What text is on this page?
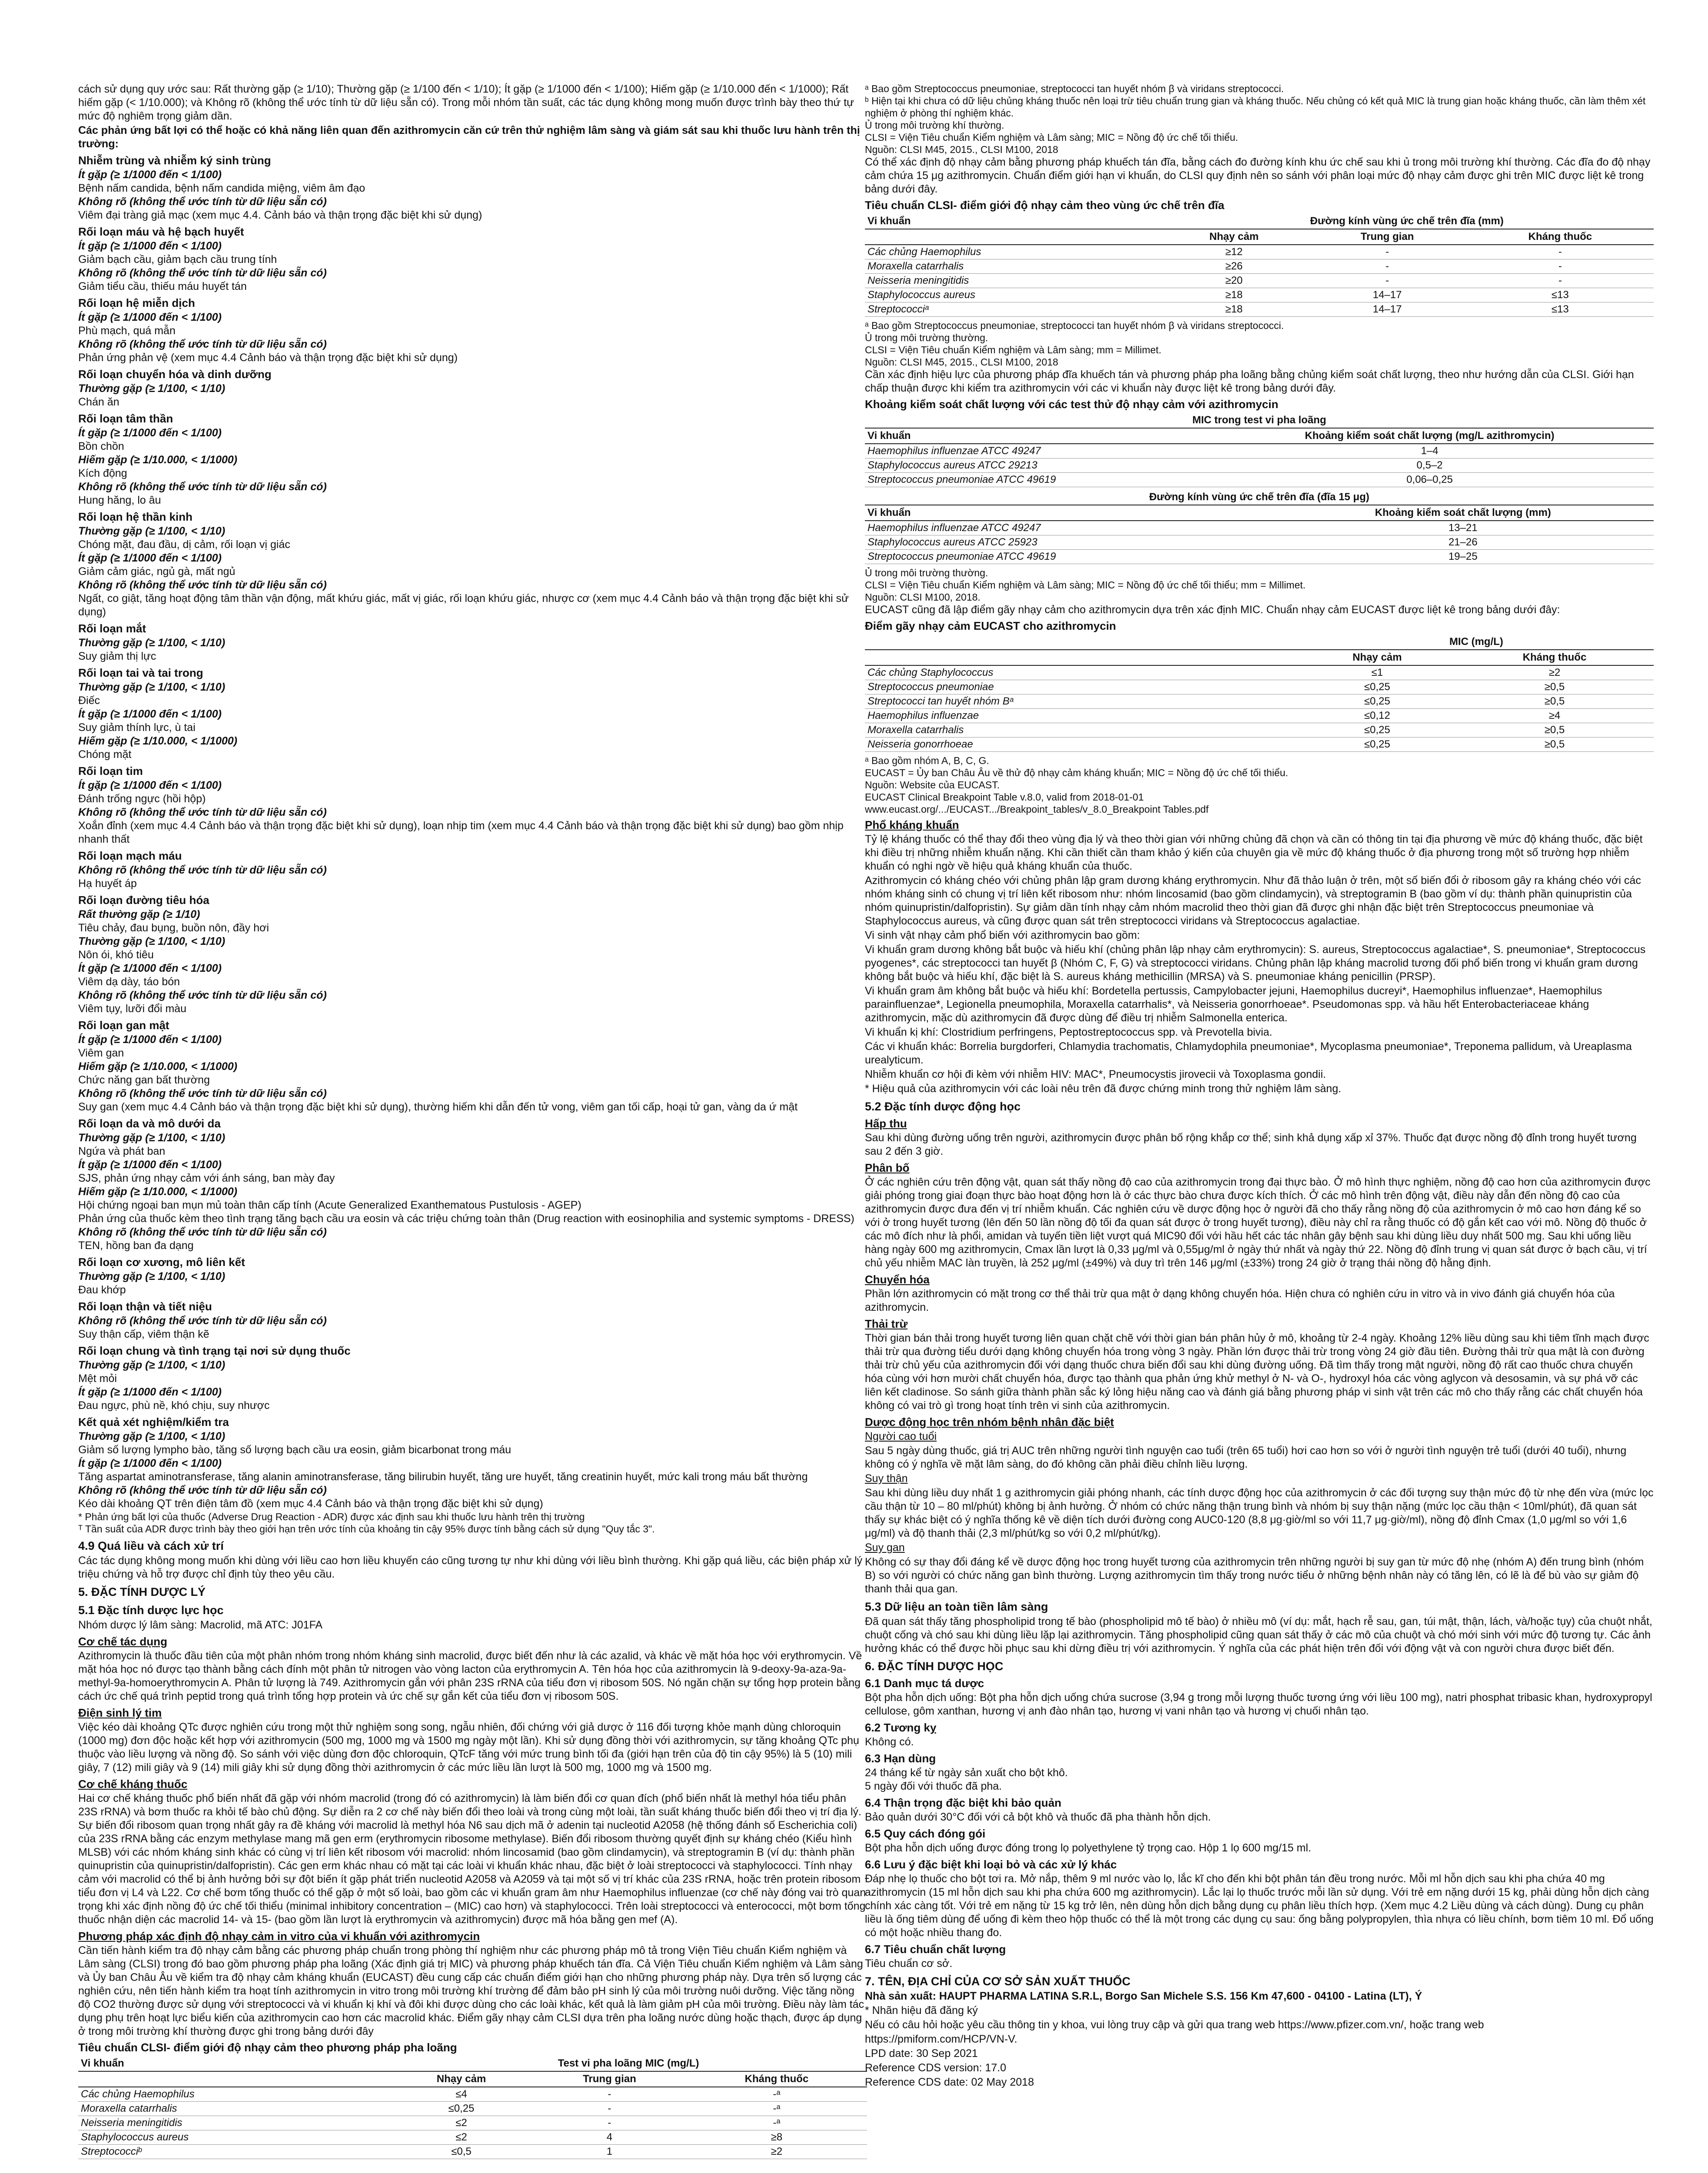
cách sử dụng quy ước sau: Rất thường gặp (≥ 1/10); Thường gặp (≥ 1/100 đến < 1/10); Ít gặp (≥ 1/1000 đến < 1/100); Hiếm gặp (≥ 1/10.000 đến < 1/1000); Rất hiếm gặp (< 1/10.000); và Không rõ (không thể ước tính từ dữ liệu sẵn có). Trong mỗi nhóm tần suất, các tác dụng không mong muốn được trình bày theo thứ tự mức độ nghiêm trọng giảm dần.

Các phản ứng bất lợi có thể hoặc có khả năng liên quan đến azithromycin căn cứ trên thử nghiệm lâm sàng và giám sát sau khi thuốc lưu hành trên thị trường:

Nhiễm trùng và nhiễm ký sinh trùng

Ít gặp (≥ 1/1000 đến < 1/100)

Bệnh nấm candida, bệnh nấm candida miệng, viêm âm đạo

Không rõ (không thể ước tính từ dữ liệu sẵn có)

Viêm đại tràng giả mạc (xem mục 4.4. Cảnh báo và thận trọng đặc biệt khi sử dụng)

Rối loạn máu và hệ bạch huyết

Ít gặp (≥ 1/1000 đến < 1/100)

Giảm bạch cầu, giảm bạch cầu trung tính

Không rõ (không thể ước tính từ dữ liệu sẵn có)

Giảm tiểu cầu, thiếu máu huyết tán

Rối loạn hệ miễn dịch

Ít gặp (≥ 1/1000 đến < 1/100)

Phù mạch, quá mẫn

Không rõ (không thể ước tính từ dữ liệu sẵn có)

Phản ứng phản vệ (xem mục 4.4 Cảnh báo và thận trọng đặc biệt khi sử dụng)

Rối loạn chuyển hóa và dinh dưỡng

Thường gặp (≥ 1/100, < 1/10)

Chán ăn

Rối loạn tâm thần

Ít gặp (≥ 1/1000 đến < 1/100)

Bồn chồn

Hiếm gặp (≥ 1/10.000, < 1/1000)

Kích động

Không rõ (không thể ước tính từ dữ liệu sẵn có)

Hung hăng, lo âu

Rối loạn hệ thần kinh

Thường gặp (≥ 1/100, < 1/10)

Chóng mặt, đau đầu, dị cảm, rối loạn vị giác

Ít gặp (≥ 1/1000 đến < 1/100)

Giảm cảm giác, ngủ gà, mất ngủ

Không rõ (không thể ước tính từ dữ liệu sẵn có)

Ngất, co giật, tăng hoạt động tâm thần vận động, mất khứu giác, mất vị giác, rối loạn khứu giác, nhược cơ (xem mục 4.4 Cảnh báo và thận trọng đặc biệt khi sử dụng)

Rối loạn mắt

Thường gặp (≥ 1/100, < 1/10)

Suy giảm thị lực

Rối loạn tai và tai trong

Thường gặp (≥ 1/100, < 1/10)

Điếc

Ít gặp (≥ 1/1000 đến < 1/100)

Suy giảm thính lực, ù tai

Hiếm gặp (≥ 1/10.000, < 1/1000)

Chóng mặt

Rối loạn tim

Ít gặp (≥ 1/1000 đến < 1/100)

Đánh trống ngực (hồi hộp)

Không rõ (không thể ước tính từ dữ liệu sẵn có)

Xoắn đỉnh (xem mục 4.4 Cảnh báo và thận trọng đặc biệt khi sử dụng), loạn nhịp tim (xem mục 4.4 Cảnh báo và thận trọng đặc biệt khi sử dụng) bao gồm nhịp nhanh thất

Rối loạn mạch máu

Không rõ (không thể ước tính từ dữ liệu sẵn có)

Hạ huyết áp

Rối loạn đường tiêu hóa

Rất thường gặp (≥ 1/10)

Tiêu chảy, đau bụng, buồn nôn, đầy hơi

Thường gặp (≥ 1/100, < 1/10)

Nôn ói, khó tiêu

Ít gặp (≥ 1/1000 đến < 1/100)

Viêm dạ dày, táo bón

Không rõ (không thể ước tính từ dữ liệu sẵn có)

Viêm tụy, lưỡi đổi màu

Rối loạn gan mật

Ít gặp (≥ 1/1000 đến < 1/100)

Viêm gan

Hiếm gặp (≥ 1/10.000, < 1/1000)

Chức năng gan bất thường

Không rõ (không thể ước tính từ dữ liệu sẵn có)

Suy gan (xem mục 4.4 Cảnh báo và thận trọng đặc biệt khi sử dụng), thường hiếm khi dẫn đến tử vong, viêm gan tối cấp, hoại tử gan, vàng da ứ mật

Rối loạn da và mô dưới da

Thường gặp (≥ 1/100, < 1/10)

Ngứa và phát ban

Ít gặp (≥ 1/1000 đến < 1/100)

SJS, phản ứng nhạy cảm với ánh sáng, ban mày đay

Hiếm gặp (≥ 1/10.000, < 1/1000)

Hội chứng ngoại ban mụn mủ toàn thân cấp tính (Acute Generalized Exanthematous Pustulosis - AGEP)

Phản ứng của thuốc kèm theo tình trạng tăng bạch cầu ưa eosin và các triệu chứng toàn thân (Drug reaction with eosinophilia and systemic symptoms - DRESS)

Không rõ (không thể ước tính từ dữ liệu sẵn có)

TEN, hồng ban đa dạng

Rối loạn cơ xương, mô liên kết

Thường gặp (≥ 1/100, < 1/10)

Đau khớp

Rối loạn thận và tiết niệu

Không rõ (không thể ước tính từ dữ liệu sẵn có)

Suy thận cấp, viêm thận kẽ

Rối loạn chung và tình trạng tại nơi sử dụng thuốc

Thường gặp (≥ 1/100, < 1/10)

Mệt mỏi

Ít gặp (≥ 1/1000 đến < 1/100)

Đau ngực, phù nề, khó chịu, suy nhược

Kết quả xét nghiệm/kiểm tra

Thường gặp (≥ 1/100, < 1/10)

Giảm số lượng lympho bào, tăng số lượng bạch cầu ưa eosin, giảm bicarbonat trong máu

Ít gặp (≥ 1/1000 đến < 1/100)

Tăng aspartat aminotransferase, tăng alanin aminotransferase, tăng bilirubin huyết, tăng ure huyết, tăng creatinin huyết, mức kali trong máu bất thường

Không rõ (không thể ước tính từ dữ liệu sẵn có)

Kéo dài khoảng QT trên điện tâm đồ (xem mục 4.4 Cảnh báo và thận trọng đặc biệt khi sử dụng)

* Phản ứng bất lợi của thuốc (Adverse Drug Reaction - ADR) được xác định sau khi thuốc lưu hành trên thị trường

ᵀ Tần suất của ADR được trình bày theo giới hạn trên ước tính của khoảng tin cậy 95% được tính bằng cách sử dụng "Quy tắc 3".

4.9 Quá liều và cách xử trí

Các tác dụng không mong muốn khi dùng với liều cao hơn liều khuyến cáo cũng tương tự như khi dùng với liều bình thường. Khi gặp quá liều, các biện pháp xử lý triệu chứng và hỗ trợ được chỉ định tùy theo yêu cầu.

5. ĐẶC TÍNH DƯỢC LÝ

5.1 Đặc tính dược lực học

Nhóm dược lý lâm sàng: Macrolid, mã ATC: J01FA

Cơ chế tác dụng

Azithromycin là thuốc đầu tiên của một phân nhóm trong nhóm kháng sinh macrolid, được biết đến như là các azalid, và khác về mặt hóa học với erythromycin. Về mặt hóa học nó được tạo thành bằng cách đính một phân tử nitrogen vào vòng lacton của erythromycin A. Tên hóa học của azithromycin là 9-deoxy-9a-aza-9a-methyl-9a-homoerythromycin A. Phân tử lượng là 749. Azithromycin gắn với phân 23S rRNA của tiểu đơn vị ribosom 50S. Nó ngăn chặn sự tổng hợp protein bằng cách ức chế quá trình peptid trong quá trình tổng hợp protein và ức chế sự gắn kết của tiểu đơn vị ribosom 50S.

Điện sinh lý tim

Việc kéo dài khoảng QTc được nghiên cứu trong một thử nghiệm song song, ngẫu nhiên, đối chứng với giả dược ở 116 đối tượng khỏe mạnh dùng chloroquin (1000 mg) đơn độc hoặc kết hợp với azithromycin (500 mg, 1000 mg và 1500 mg ngày một lần). Khi sử dụng đồng thời với azithromycin, sự tăng khoảng QTc phụ thuộc vào liều lượng và nồng độ. So sánh với việc dùng đơn độc chloroquin, QTcF tăng với mức trung bình tối đa (giới hạn trên của độ tin cậy 95%) là 5 (10) mili giây, 7 (12) mili giây và 9 (14) mili giây khi sử dụng đồng thời azithromycin ở các mức liều lần lượt là 500 mg, 1000 mg và 1500 mg.

Cơ chế kháng thuốc

Hai cơ chế kháng thuốc phổ biến nhất đã gặp với nhóm macrolid (trong đó có azithromycin) là làm biến đổi cơ quan đích (phổ biến nhất là methyl hóa tiểu phân 23S rRNA) và bơm thuốc ra khỏi tế bào chủ động. Sự diễn ra 2 cơ chế này biến đổi theo loài và trong cùng một loài, tần suất kháng thuốc biến đổi theo vị trí địa lý. Sự biến đổi ribosom quan trọng nhất gây ra đề kháng với macrolid là methyl hóa N6 sau dịch mã ở adenin tại nucleotid A2058 (hệ thống đánh số Escherichia coli) của 23S rRNA bằng các enzym methylase mang mã gen erm (erythromycin ribosome methylase). Biến đổi ribosom thường quyết định sự kháng chéo (Kiểu hình MLSB) với các nhóm kháng sinh khác có cùng vị trí liên kết ribosom với macrolid: nhóm lincosamid (bao gồm clindamycin), và streptogramin B (ví dụ: thành phần quinupristin của quinupristin/dalfopristin). Các gen erm khác nhau có mặt tại các loài vi khuẩn khác nhau, đặc biệt ở loài streptococci và staphylococci. Tính nhạy cảm với macrolid có thể bị ảnh hưởng bởi sự đột biến ít gặp phát triển nucleotid A2058 và A2059 và tại một số vị trí khác của 23S rRNA, hoặc trên protein ribosom tiểu đơn vị L4 và L22. Cơ chế bơm tống thuốc có thể gặp ở một số loài, bao gồm các vi khuẩn gram âm như Haemophilus influenzae (cơ chế này đóng vai trò quan trọng khi xác định nồng độ ức chế tối thiểu (minimal inhibitory concentration – (MIC) cao hơn) và staphylococci. Trên loài streptococci và enterococci, một bơm tống thuốc nhận diện các macrolid 14- và 15- (bao gồm lần lượt là erythromycin và azithromycin) được mã hóa bằng gen mef (A).

Phương pháp xác định độ nhạy cảm in vitro của vi khuẩn với azithromycin

Cần tiến hành kiểm tra độ nhạy cảm bằng các phương pháp chuẩn trong phòng thí nghiệm như các phương pháp mô tả trong Viện Tiêu chuẩn Kiểm nghiệm và Lâm sàng (CLSI) trong đó bao gồm phương pháp pha loãng (Xác định giá trị MIC) và phương pháp khuếch tán đĩa. Cả Viện Tiêu chuẩn Kiểm nghiệm và Lâm sàng và Ủy ban Châu Âu về kiểm tra độ nhạy cảm kháng khuẩn (EUCAST) đều cung cấp các chuẩn điểm giới hạn cho những phương pháp này. Dựa trên số lượng các nghiên cứu, nên tiến hành kiểm tra hoạt tính azithromycin in vitro trong môi trường khí trường để đảm bảo pH sinh lý của môi trường nuôi dưỡng. Việc tăng nồng độ CO2 thường được sử dụng với streptococci và vi khuẩn kị khí và đôi khi được dùng cho các loài khác, kết quả là làm giảm pH của môi trường. Điều này làm tác dụng phụ trên hoạt lực biểu kiến của azithromycin cao hơn các macrolid khác. Điểm gãy nhạy cảm CLSI dựa trên pha loãng nước dùng hoặc thạch, được áp dụng ở trong môi trường khí thường được ghi trong bảng dưới đây

Tiêu chuẩn CLSI- điểm giới độ nhạy cảm theo phương pháp pha loãng

Vi khuẩn	Test vi pha loãng MIC (mg/L)		
	Nhạy cảm	Trung gian	Kháng thuốc
Các chủng Haemophilus	≤4	-	-ᵃ
Moraxella catarrhalis	≤0,25	-	-ᵃ
Neisseria meningitidis	≤2	-	-ᵃ
Staphylococcus aureus	≤2	4	≥8
Streptococciᵇ	≤0,5	1	≥2

ᵃ Bao gồm Streptococcus pneumoniae, streptococci tan huyết nhóm β và viridans streptococci.

ᵇ Hiện tại khi chưa có dữ liệu chủng kháng thuốc nên loại trừ tiêu chuẩn trung gian và kháng thuốc. Nếu chủng có kết quả MIC là trung gian hoặc kháng thuốc, cần làm thêm xét nghiệm ở phòng thí nghiệm khác.

Ủ trong môi trường khí thường.

CLSI = Viện Tiêu chuẩn Kiểm nghiệm và Lâm sàng; MIC = Nồng độ ức chế tối thiểu.

Nguồn: CLSI M45, 2015., CLSI M100, 2018

Có thể xác định độ nhạy cảm bằng phương pháp khuếch tán đĩa, bằng cách đo đường kính khu ức chế sau khi ủ trong môi trường khí thường. Các đĩa đo độ nhạy cảm chứa 15 μg azithromycin. Chuẩn điểm giới hạn vi khuẩn, do CLSI quy định nên so sánh với phân loại mức độ nhạy cảm được ghi trên MIC được liệt kê trong bảng dưới đây.

Tiêu chuẩn CLSI- điểm giới độ nhạy cảm theo vùng ức chế trên đĩa

Vi khuẩn	Đường kính vùng ức chế trên đĩa (mm)		
	Nhạy cảm	Trung gian	Kháng thuốc
Các chủng Haemophilus	≥12	-	-
Moraxella catarrhalis	≥26	-	-
Neisseria meningitidis	≥20	-	-
Staphylococcus aureus	≥18	14–17	≤13
Streptococciᵃ	≥18	14–17	≤13

ᵃ Bao gồm Streptococcus pneumoniae, streptococci tan huyết nhóm β và viridans streptococci.

Ủ trong môi trường thường.

CLSI = Viện Tiêu chuẩn Kiểm nghiệm và Lâm sàng; mm = Millimet.

Nguồn: CLSI M45, 2015., CLSI M100, 2018

Cần xác định hiệu lực của phương pháp đĩa khuếch tán và phương pháp pha loãng bằng chủng kiểm soát chất lượng, theo như hướng dẫn của CLSI. Giới hạn chấp thuận được khi kiểm tra azithromycin với các vi khuẩn này được liệt kê trong bảng dưới đây.

Khoảng kiểm soát chất lượng với các test thử độ nhạy cảm với azithromycin

MIC trong test vi pha loãng	
Vi khuẩn	Khoảng kiểm soát chất lượng (mg/L azithromycin)
Haemophilus influenzae ATCC 49247	1–4
Staphylococcus aureus ATCC 29213	0,5–2
Streptococcus pneumoniae ATCC 49619	0,06–0,25
Đường kính vùng ức chế trên đĩa (đĩa 15 μg)	
Vi khuẩn	Khoảng kiểm soát chất lượng (mm)
Haemophilus influenzae ATCC 49247	13–21
Staphylococcus aureus ATCC 25923	21–26
Streptococcus pneumoniae ATCC 49619	19–25

Ủ trong môi trường thường.

CLSI = Viện Tiêu chuẩn Kiểm nghiệm và Lâm sàng; MIC = Nồng độ ức chế tối thiểu; mm = Millimet.

Nguồn: CLSI M100, 2018.

EUCAST cũng đã lập điểm gãy nhạy cảm cho azithromycin dựa trên xác định MIC. Chuẩn nhạy cảm EUCAST được liệt kê trong bảng dưới đây:

Điểm gãy nhạy cảm EUCAST cho azithromycin

	MIC (mg/L)	
	Nhạy cảm	Kháng thuốc
Các chủng Staphylococcus	≤1	≥2
Streptococcus pneumoniae	≤0,25	≥0,5
Streptococci tan huyết nhóm Bᵃ	≤0,25	≥0,5
Haemophilus influenzae	≤0,12	≥4
Moraxella catarrhalis	≤0,25	≥0,5
Neisseria gonorrhoeae	≤0,25	≥0,5

ᵃ Bao gồm nhóm A, B, C, G.

EUCAST = Ủy ban Châu Âu về thử độ nhạy cảm kháng khuẩn; MIC = Nồng độ ức chế tối thiểu.

Nguồn: Website của EUCAST.

EUCAST Clinical Breakpoint Table v.8.0, valid from 2018-01-01

www.eucast.org/.../EUCAST.../Breakpoint_tables/v_8.0_Breakpoint Tables.pdf

Phổ kháng khuẩn

Tỷ lệ kháng thuốc có thể thay đổi theo vùng địa lý và theo thời gian với những chủng đã chọn và cần có thông tin tại địa phương về mức độ kháng thuốc, đặc biệt khi điều trị những nhiễm khuẩn nặng. Khi cần thiết cần tham khảo ý kiến của chuyên gia về mức độ kháng thuốc ở địa phương trong một số trường hợp nhiễm khuẩn có nghi ngờ về hiệu quả kháng khuẩn của thuốc.

Azithromycin có kháng chéo với chủng phân lập gram dương kháng erythromycin. Như đã thảo luận ở trên, một số biến đổi ở ribosom gây ra kháng chéo với các nhóm kháng sinh có chung vị trí liên kết ribosom như: nhóm lincosamid (bao gồm clindamycin), và streptogramin B (bao gồm ví dụ: thành phần quinupristin của nhóm quinupristin/dalfopristin). Sự giảm dần tính nhạy cảm nhóm macrolid theo thời gian đã được ghi nhận đặc biệt trên Streptococcus pneumoniae và Staphylococcus aureus, và cũng được quan sát trên streptococci viridans và Streptococcus agalactiae.

Vi sinh vật nhạy cảm phổ biến với azithromycin bao gồm:

Vi khuẩn gram dương không bắt buộc và hiếu khí (chủng phân lập nhạy cảm erythromycin): S. aureus, Streptococcus agalactiae*, S. pneumoniae*, Streptococcus pyogenes*, các streptococci tan huyết β (Nhóm C, F, G) và streptococci viridans. Chủng phân lập kháng macrolid tương đối phổ biến trong vi khuẩn gram dương không bắt buộc và hiếu khí, đặc biệt là S. aureus kháng methicillin (MRSA) và S. pneumoniae kháng penicillin (PRSP).

Vi khuẩn gram âm không bắt buộc và hiếu khí: Bordetella pertussis, Campylobacter jejuni, Haemophilus ducreyi*, Haemophilus influenzae*, Haemophilus parainfluenzae*, Legionella pneumophila, Moraxella catarrhalis*, và Neisseria gonorrhoeae*. Pseudomonas spp. và hầu hết Enterobacteriaceae kháng azithromycin, mặc dù azithromycin đã được dùng để điều trị nhiễm Salmonella enterica.

Vi khuẩn kị khí: Clostridium perfringens, Peptostreptococcus spp. và Prevotella bivia.

Các vi khuẩn khác: Borrelia burgdorferi, Chlamydia trachomatis, Chlamydophila pneumoniae*, Mycoplasma pneumoniae*, Treponema pallidum, và Ureaplasma urealyticum.

Nhiễm khuẩn cơ hội đi kèm với nhiễm HIV: MAC*, Pneumocystis jirovecii và Toxoplasma gondii.

* Hiệu quả của azithromycin với các loài nêu trên đã được chứng minh trong thử nghiệm lâm sàng.

5.2 Đặc tính dược động học

Hấp thu

Sau khi dùng đường uống trên người, azithromycin được phân bố rộng khắp cơ thể; sinh khả dụng xấp xỉ 37%. Thuốc đạt được nồng độ đỉnh trong huyết tương sau 2 đến 3 giờ.

Phân bố

Ở các nghiên cứu trên động vật, quan sát thấy nồng độ cao của azithromycin trong đại thực bào. Ở mô hình thực nghiệm, nồng độ cao hơn của azithromycin được giải phóng trong giai đoạn thực bào hoạt động hơn là ở các thực bào chưa được kích thích. Ở các mô hình trên động vật, điều này dẫn đến nồng độ cao của azithromycin được đưa đến vị trí nhiễm khuẩn. Các nghiên cứu về dược động học ở người đã cho thấy rằng nồng độ của azithromycin ở mô cao hơn đáng kể so với ở trong huyết tương (lên đến 50 lần nồng độ tối đa quan sát được ở trong huyết tương), điều này chỉ ra rằng thuốc có độ gắn kết cao với mô. Nồng độ thuốc ở các mô đích như là phổi, amidan và tuyến tiền liệt vượt quá MIC90 đối với hầu hết các tác nhân gây bệnh sau khi dùng liều duy nhất 500 mg. Sau khi uống liều hàng ngày 600 mg azithromycin, Cmax lần lượt là 0,33 μg/ml và 0,55μg/ml ở ngày thứ nhất và ngày thứ 22. Nồng độ đỉnh trung vị quan sát được ở bạch cầu, vị trí chủ yếu nhiễm MAC làn truyền, là 252 μg/ml (±49%) và duy trì trên 146 μg/ml (±33%) trong 24 giờ ở trạng thái nồng độ hằng định.

Chuyển hóa

Phần lớn azithromycin có mặt trong cơ thể thải trừ qua mật ở dạng không chuyển hóa. Hiện chưa có nghiên cứu in vitro và in vivo đánh giá chuyển hóa của azithromycin.

Thải trừ

Thời gian bán thải trong huyết tương liên quan chặt chẽ với thời gian bán phân hủy ở mô, khoảng từ 2-4 ngày. Khoảng 12% liều dùng sau khi tiêm tĩnh mạch được thải trừ qua đường tiểu dưới dạng không chuyển hóa trong vòng 3 ngày. Phần lớn được thải trừ trong vòng 24 giờ đầu tiên. Đường thải trừ qua mật là con đường thải trừ chủ yếu của azithromycin đối với dạng thuốc chưa biến đổi sau khi dùng đường uống. Đã tìm thấy trong mật người, nồng độ rất cao thuốc chưa chuyển hóa cùng với hơn mười chất chuyển hóa, được tạo thành qua phản ứng khử methyl ở N- và O-, hydroxyl hóa các vòng aglycon và desosamin, và sự phá vỡ các liên kết cladinose. So sánh giữa thành phần sắc ký lỏng hiệu năng cao và đánh giá bằng phương pháp vi sinh vật trên các mô cho thấy rằng các chất chuyển hóa không có vai trò gì trong hoạt tính trên vi sinh của azithromycin.

Dược động học trên nhóm bệnh nhân đặc biệt

Người cao tuổi

Sau 5 ngày dùng thuốc, giá trị AUC trên những người tình nguyện cao tuổi (trên 65 tuổi) hơi cao hơn so với ở người tình nguyện trẻ tuổi (dưới 40 tuổi), nhưng không có ý nghĩa về mặt lâm sàng, do đó không cần phải điều chỉnh liều lượng.

Suy thận

Sau khi dùng liều duy nhất 1 g azithromycin giải phóng nhanh, các tính dược động học của azithromycin ở các đối tượng suy thận mức độ từ nhẹ đến vừa (mức lọc cầu thận từ 10 – 80 ml/phút) không bị ảnh hưởng. Ở nhóm có chức năng thận trung bình và nhóm bị suy thận nặng (mức lọc cầu thận < 10ml/phút), đã quan sát thấy sự khác biệt có ý nghĩa thống kê về diện tích dưới đường cong AUC0-120 (8,8 μg·giờ/ml so với 11,7 μg·giờ/ml), nồng độ đỉnh Cmax (1,0 μg/ml so với 1,6 μg/ml) và độ thanh thải (2,3 ml/phút/kg so với 0,2 ml/phút/kg).

Suy gan

Không có sự thay đổi đáng kể về dược động học trong huyết tương của azithromycin trên những người bị suy gan từ mức độ nhẹ (nhóm A) đến trung bình (nhóm B) so với người có chức năng gan bình thường. Lượng azithromycin tìm thấy trong nước tiểu ở những bệnh nhân này có tăng lên, có lẽ là để bù vào sự giảm độ thanh thải qua gan.

5.3 Dữ liệu an toàn tiền lâm sàng

Đã quan sát thấy tăng phospholipid trong tế bào (phospholipid mô tế bào) ở nhiều mô (ví dụ: mắt, hạch rễ sau, gan, túi mật, thận, lách, và/hoặc tụy) của chuột nhắt, chuột cống và chó sau khi dùng liều lặp lại azithromycin. Tăng phospholipid cũng quan sát thấy ở các mô của chuột và chó mới sinh với mức độ tương tự. Các ảnh hưởng khác có thể được hồi phục sau khi dừng điều trị với azithromycin. Ý nghĩa của các phát hiện trên đối với động vật và con người chưa được biết đến.

6. ĐẶC TÍNH DƯỢC HỌC

6.1 Danh mục tá dược

Bột pha hỗn dịch uống: Bột pha hỗn dịch uống chứa sucrose (3,94 g trong mỗi lượng thuốc tương ứng với liều 100 mg), natri phosphat tribasic khan, hydroxypropyl cellulose, gôm xanthan, hương vị anh đào nhân tạo, hương vị vani nhân tạo và hương vị chuối nhân tạo.

6.2 Tương kỵ

Không có.

6.3 Hạn dùng

24 tháng kể từ ngày sản xuất cho bột khô.
5 ngày đối với thuốc đã pha.

6.4 Thận trọng đặc biệt khi bảo quản

Bảo quản dưới 30°C đối với cả bột khô và thuốc đã pha thành hỗn dịch.

6.5 Quy cách đóng gói

Bột pha hỗn dịch uống được đóng trong lọ polyethylene tỷ trọng cao. Hộp 1 lọ 600 mg/15 ml.

6.6 Lưu ý đặc biệt khi loại bỏ và các xử lý khác

Đáp nhẹ lọ thuốc cho bột tơi ra. Mở nắp, thêm 9 ml nước vào lọ, lắc kĩ cho đến khi bột phân tán đều trong nước. Mỗi ml hỗn dịch sau khi pha chứa 40 mg azithromycin (15 ml hỗn dịch sau khi pha chứa 600 mg azithromycin). Lắc lại lọ thuốc trước mỗi lần sử dụng. Với trẻ em nặng dưới 15 kg, phải dùng hỗn dịch càng chính xác càng tốt. Với trẻ em nặng từ 15 kg trở lên, nên dùng hỗn dịch bằng dụng cụ phân liều thích hợp. (Xem mục 4.2 Liều dùng và cách dùng). Dung cụ phân liều là ống tiêm dùng để uống đi kèm theo hộp thuốc có thể là một trong các dụng cụ sau: ống bằng polypropylen, thìa nhựa có liều chính, bơm tiêm 10 ml. Đổ uống có một hoặc nhiều thang đo.

6.7 Tiêu chuẩn chất lượng

Tiêu chuẩn cơ sở.

7. TÊN, ĐỊA CHỈ CỦA CƠ SỞ SẢN XUẤT THUỐC

Nhà sản xuất: HAUPT PHARMA LATINA S.R.L, Borgo San Michele S.S. 156 Km 47,600 - 04100 - Latina (LT), Ý

* Nhãn hiệu đã đăng ký

Nếu có câu hỏi hoặc yêu cầu thông tin y khoa, vui lòng truy cập và gửi qua trang web https://www.pfizer.com.vn/, hoặc trang web

https://pmiform.com/HCP/VN-V.

LPD date: 30 Sep 2021

Reference CDS version: 17.0

Reference CDS date: 02 May 2018
